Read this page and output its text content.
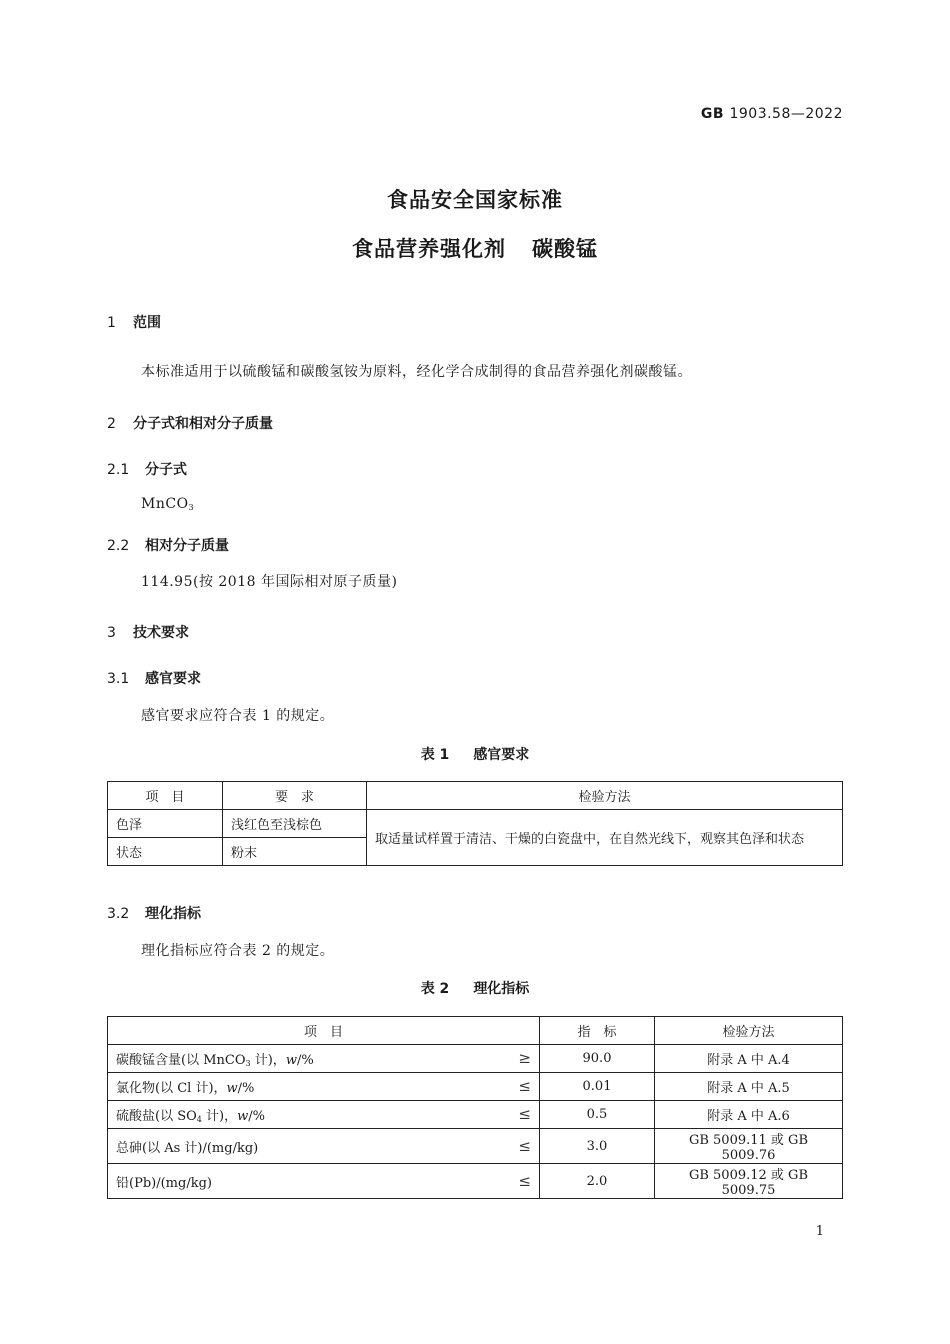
GB 1903.58—2022
食品安全国家标准
食品营养强化剂 碳酸锰
1 范围
本标准适用于以硫酸锰和碳酸氢铵为原料，经化学合成制得的食品营养强化剂碳酸锰。
2 分子式和相对分子质量
2.1 分子式
MnCO$_3$
2.2 相对分子质量
114.95(按 2018 年国际相对原子质量)
3 技术要求
3.1 感官要求
感官要求应符合表 1 的规定。
表 1 感官要求
项　目	要　求	检验方法
色泽	浅红色至浅棕色	取适量试样置于清洁、干燥的白瓷盘中，在自然光线下，观察其色泽和状态
状态	粉末	
3.2 理化指标
理化指标应符合表 2 的规定。
表 2 理化指标
项　目	指　标	检验方法
碳酸锰含量(以 MnCO$_3$ 计)，w/% ≥	90.0	附录 A 中 A.4
氯化物(以 Cl 计)，w/% ≤	0.01	附录 A 中 A.5
硫酸盐(以 $SO_4$ 计)，w/% ≤	0.5	附录 A 中 A.6
总砷(以 As 计)/(mg/kg) ≤	3.0	GB 5009.11 或 GB 5009.76
铅(Pb)/(mg/kg) ≤	2.0	GB 5009.12 或 GB 5009.75
1
